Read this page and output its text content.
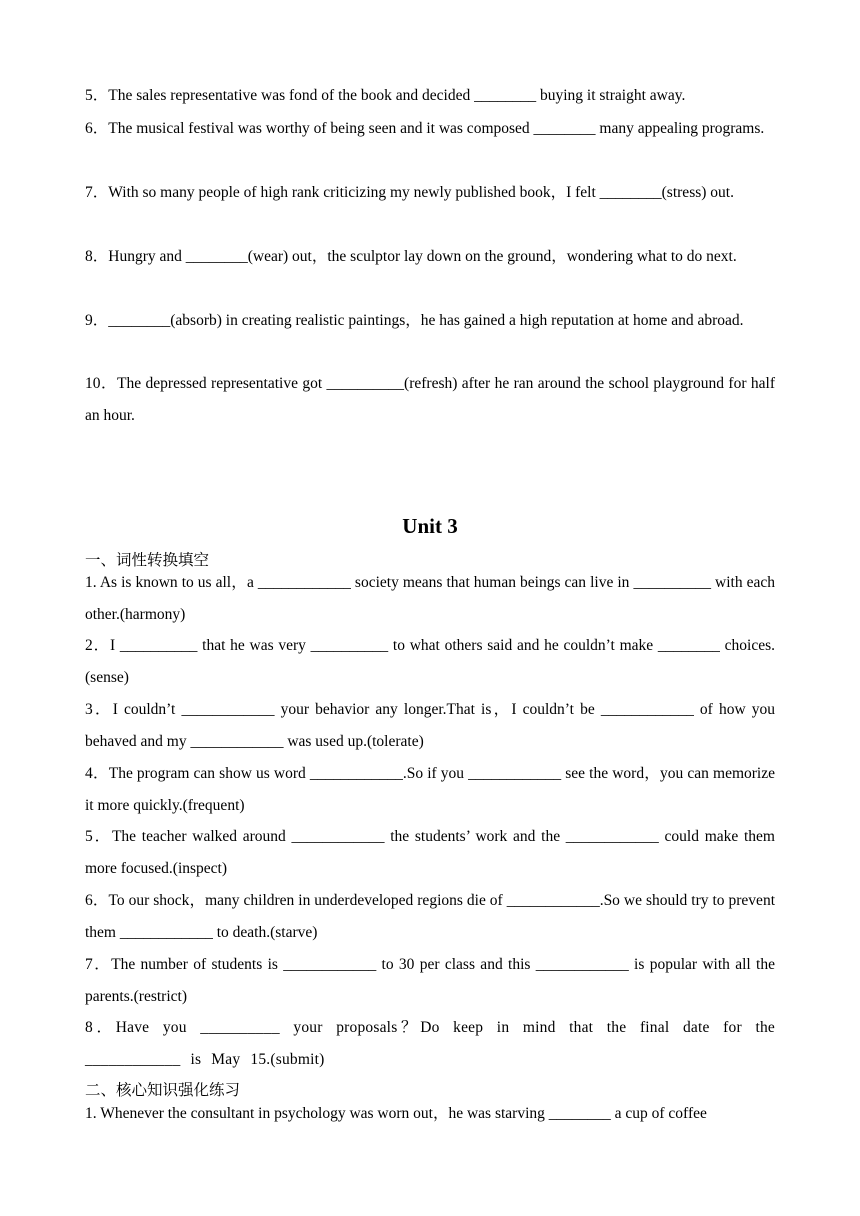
5．The sales representative was fond of the book and decided ________ buying it straight away.

6．The musical festival was worthy of being seen and it was composed ________ many appealing programs.

7．With so many people of high rank criticizing my newly published book，I felt ________(stress) out.

8．Hungry and ________(wear) out，the sculptor lay down on the ground，wondering what to do next.

9．________(absorb) in creating realistic paintings，he has gained a high reputation at home and abroad.

10．The depressed representative got __________(refresh) after he ran around the school playground for half an hour.

Unit 3

一、词性转换填空

1. As is known to us all，a ____________ society means that human beings can live in __________ with each other.(harmony)

2．I __________ that he was very __________ to what others said and he couldn’t make ________ choices.(sense)

3．I couldn’t ____________ your behavior any longer.That is，I couldn’t be ____________ of how you behaved and my ____________ was used up.(tolerate)

4．The program can show us word ____________.So if you ____________ see the word，you can memorize it more quickly.(frequent)

5．The teacher walked around ____________ the students’ work and the ____________ could make them more focused.(inspect)

6．To our shock，many children in underdeveloped regions die of ____________.So we should try to prevent them ____________ to death.(starve)

7．The number of students is ____________ to 30 per class and this ____________ is popular with all the parents.(restrict)

8．Have you __________ your proposals？Do keep in mind that the final date for the ____________ is May 15.(submit)

二、核心知识强化练习

1. Whenever the consultant in psychology was worn out，he was starving ________ a cup of coffee
